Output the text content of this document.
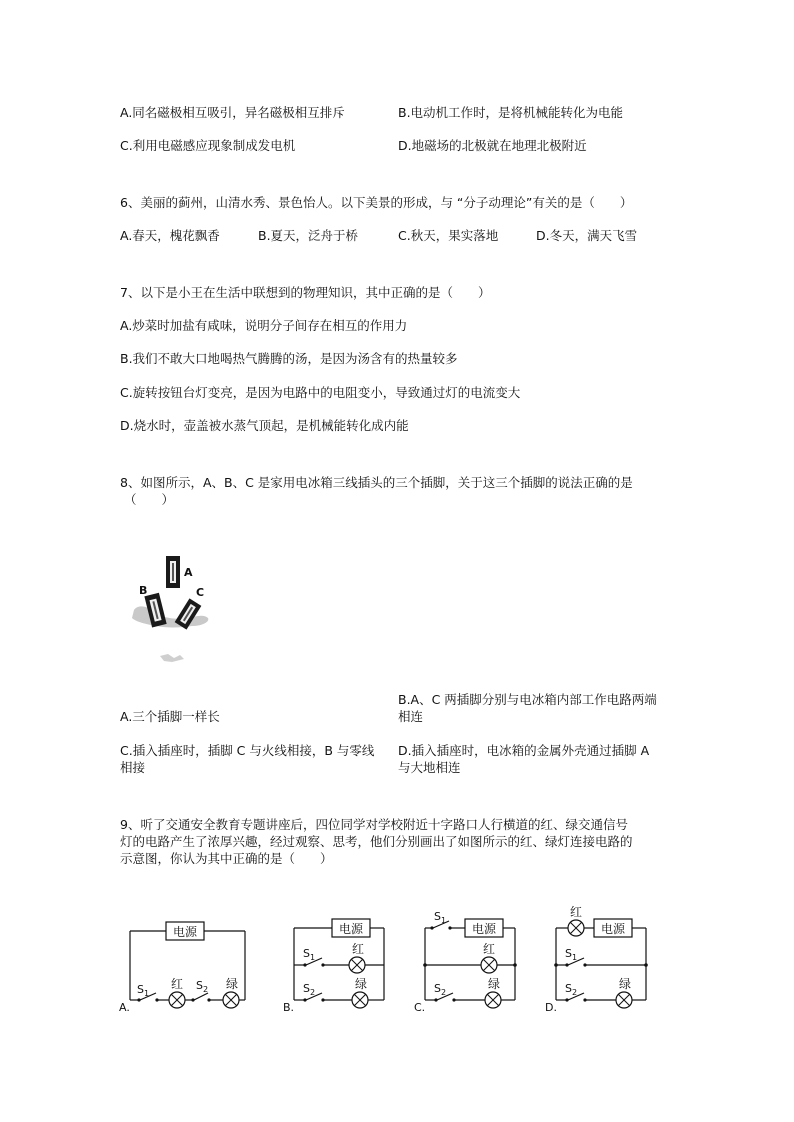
A.同名磁极相互吸引，异名磁极相互排斥	B.电动机工作时，是将机械能转化为电能
C.利用电磁感应现象制成发电机	D.地磁场的北极就在地理北极附近
6、美丽的蓟州，山清水秀、景色怡人。以下美景的形成，与 “分子动理论”有关的是（　　）
A.春天，槐花飘香	B.夏天，泛舟于桥	C.秋天，果实落地	D.冬天，满天飞雪
7、以下是小王在生活中联想到的物理知识，其中正确的是（　　）
A.炒菜时加盐有咸味，说明分子间存在相互的作用力
B.我们不敢大口地喝热气腾腾的汤，是因为汤含有的热量较多
C.旋转按钮台灯变亮，是因为电路中的电阻变小，导致通过灯的电流变大
D.烧水时，壶盖被水蒸气顶起，是机械能转化成内能
8、如图所示，A、B、C 是家用电冰箱三线插头的三个插脚，关于这三个插脚的说法正确的是
（　　）
A
B	C
A.三个插脚一样长
B.A、C 两插脚分别与电冰箱内部工作电路两端
相连
C.插入插座时，插脚 C 与火线相接，B 与零线
相接
D.插入插座时，电冰箱的金属外壳通过插脚 A
与大地相连
9、听了交通安全教育专题讲座后，四位同学对学校附近十字路口人行横道的红、绿交通信号
灯的电路产生了浓厚兴趣，经过观察、思考，他们分别画出了如图所示的红、绿灯连接电路的
示意图，你认为其中正确的是（　　）
电源
$S_1$
$S_2$
红	绿
A.
电源
$S_1$
$S_2$
红
绿
B.
电源
$S_1$
$S_2$
红
绿
C.
电源
$S_1$
$S_2$
红
绿
D.
